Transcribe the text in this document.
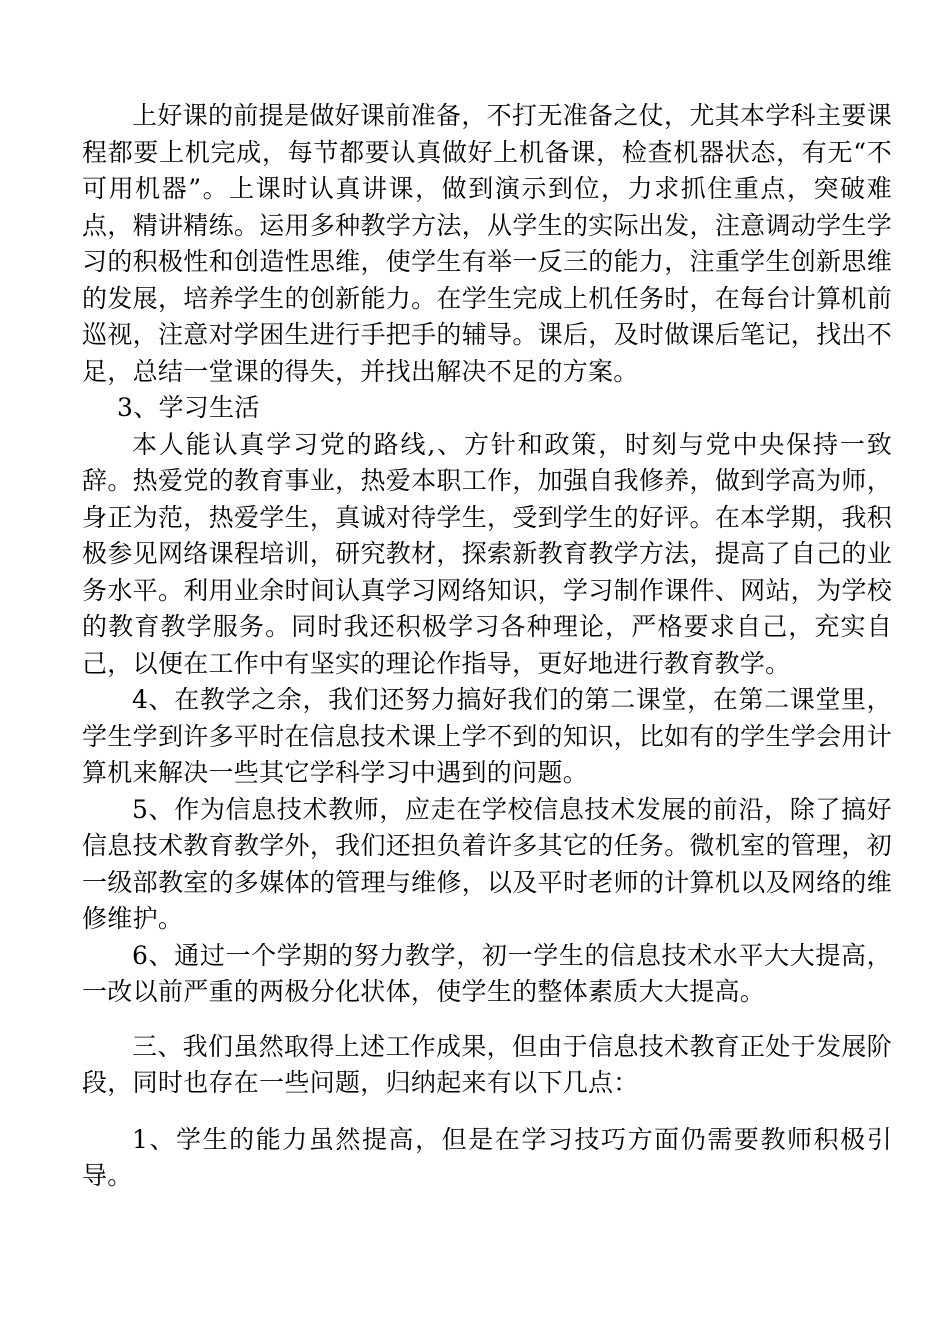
上好课的前提是做好课前准备，不打无准备之仗，尤其本学科主要课程都要上机完成，每节都要认真做好上机备课，检查机器状态，有无“不可用机器”。上课时认真讲课，做到演示到位，力求抓住重点，突破难点，精讲精练。运用多种教学方法，从学生的实际出发，注意调动学生学习的积极性和创造性思维，使学生有举一反三的能力，注重学生创新思维的发展，培养学生的创新能力。在学生完成上机任务时，在每台计算机前巡视，注意对学困生进行手把手的辅导。课后，及时做课后笔记，找出不足，总结一堂课的得失，并找出解决不足的方案。

3、学习生活

本人能认真学习党的路线,、方针和政策，时刻与党中央保持一致辞。热爱党的教育事业，热爱本职工作，加强自我修养，做到学高为师，身正为范，热爱学生，真诚对待学生，受到学生的好评。在本学期，我积极参见网络课程培训，研究教材，探索新教育教学方法，提高了自己的业务水平。利用业余时间认真学习网络知识，学习制作课件、网站，为学校的教育教学服务。同时我还积极学习各种理论，严格要求自己，充实自己，以便在工作中有坚实的理论作指导，更好地进行教育教学。

4、在教学之余，我们还努力搞好我们的第二课堂，在第二课堂里，学生学到许多平时在信息技术课上学不到的知识，比如有的学生学会用计算机来解决一些其它学科学习中遇到的问题。

5、作为信息技术教师，应走在学校信息技术发展的前沿，除了搞好信息技术教育教学外，我们还担负着许多其它的任务。微机室的管理，初一级部教室的多媒体的管理与维修，以及平时老师的计算机以及网络的维修维护。

6、通过一个学期的努力教学，初一学生的信息技术水平大大提高，一改以前严重的两极分化状体，使学生的整体素质大大提高。

三、我们虽然取得上述工作成果，但由于信息技术教育正处于发展阶段，同时也存在一些问题，归纳起来有以下几点：

1、学生的能力虽然提高，但是在学习技巧方面仍需要教师积极引导。
